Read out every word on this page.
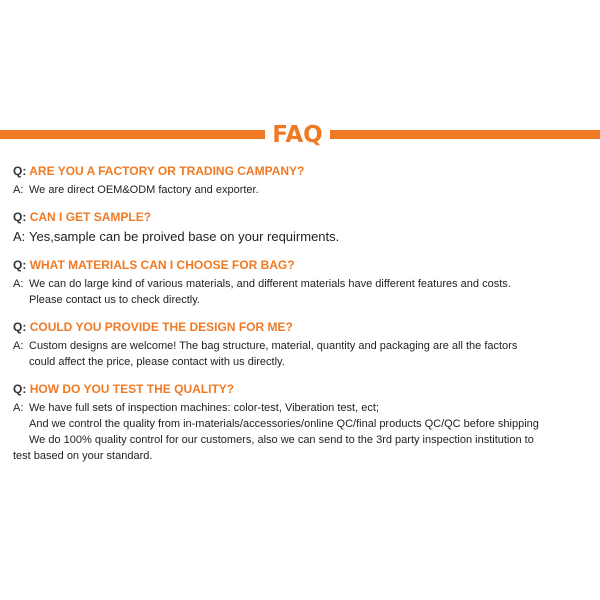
FAQ
Q: ARE YOU A FACTORY OR TRADING CAMPANY?
A: We are direct OEM&ODM factory and exporter.
Q: CAN I GET SAMPLE?
A: Yes,sample can be proived base on your requirments.
Q: WHAT MATERIALS CAN I CHOOSE FOR BAG?
A: We can do large kind of various materials, and different materials have different features and costs.
Please contact us to check directly.
Q: COULD YOU PROVIDE THE DESIGN FOR ME?
A: Custom designs are welcome! The bag structure, material, quantity and packaging are all the factors
could affect the price, please contact with us directly.
Q: HOW DO YOU TEST THE QUALITY?
A: We have full sets of inspection machines: color-test, Viberation test, ect;
And we control the quality from in-materials/accessories/online QC/final products QC/QC before shipping
We do 100% quality control for our customers, also we can send to the 3rd party inspection institution to
test based on your standard.
